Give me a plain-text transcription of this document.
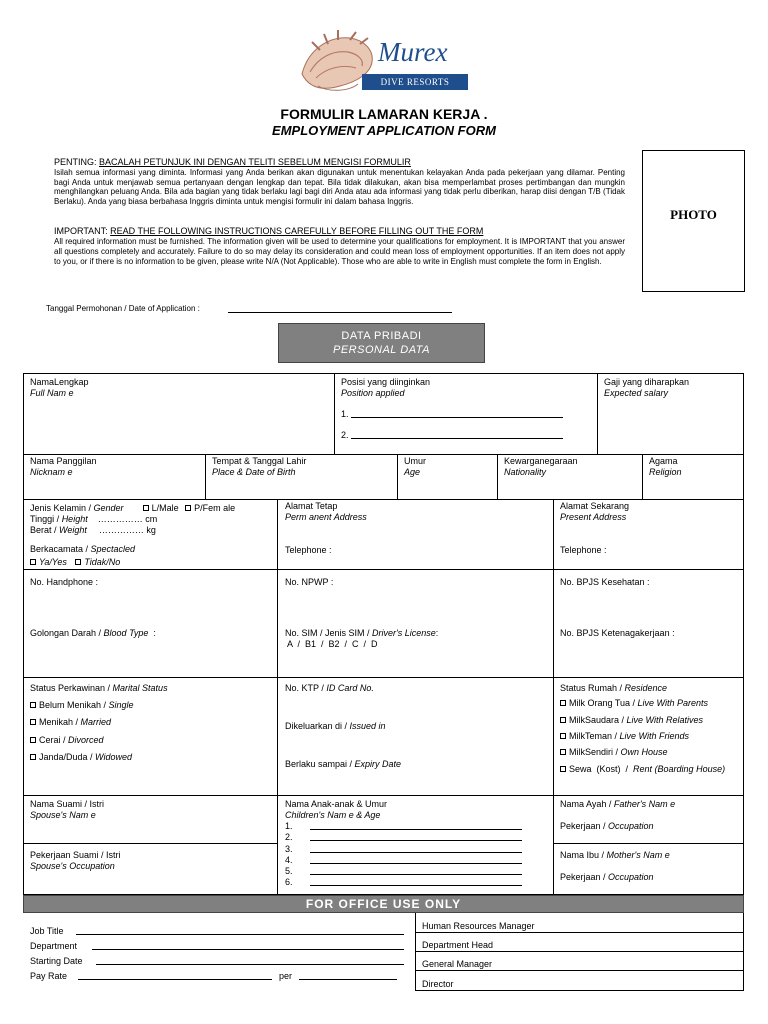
Murex
DIVE RESORTS
FORMULIR LAMARAN KERJA .
EMPLOYMENT APPLICATION FORM
PHOTO
PENTING: BACALAH PETUNJUK INI DENGAN TELITI SEBELUM MENGISI FORMULIR
Isilah semua informasi yang diminta. Informasi yang Anda berikan akan digunakan untuk menentukan kelayakan Anda pada pekerjaan yang dilamar. Penting bagi Anda untuk menjawab semua pertanyaan dengan lengkap dan tepat. Bila tidak dilakukan, akan bisa memperlambat proses pertimbangan dan mungkin menghilangkan peluang Anda. Bila ada bagian yang tidak berlaku lagi bagi diri Anda atau ada informasi yang tidak perlu diberikan, harap diisi dengan T/B (Tidak Berlaku). Anda yang biasa berbahasa Inggris diminta untuk mengisi formulir ini dalam bahasa Inggris.
IMPORTANT: READ THE FOLLOWING INSTRUCTIONS CAREFULLY BEFORE FILLING OUT THE FORM
All required information must be furnished. The information given will be used to determine your qualifications for employment. It is IMPORTANT that you answer all questions completely and accurately. Failure to do so may delay its consideration and could mean loss of employment opportunities. If an item does not apply to you, or if there is no information to be given, please write N/A (Not Applicable). Those who are able to write in English must complete the form in English.
Tanggal Permohonan / Date of Application :
DATA PRIBADI
PERSONAL DATA
NamaLengkap
Full Nam e
Posisi yang diinginkan
Position applied
1.
2.
Gaji yang diharapkan
Expected salary
Nama Panggilan
Nicknam e
Tempat & Tanggal Lahir
Place & Date of Birth
Umur
Age
Kewarganegaraan
Nationality
Agama
Religion
Jenis Kelamin / Gender	L/Male P/Fem ale
Tinggi / Height …………… cm
Berat / Weight …………… kg
Berkacamata / Spectacled
Ya/Yes Tidak/No
Alamat Tetap
Perm anent Address
Telephone :
Alamat Sekarang
Present Address
Telephone :
No. Handphone :
Golongan Darah / Blood Type  :
No. NPWP :
No. SIM / Jenis SIM / Driver's License:
A  /  B1  /  B2  /  C  /  D
No. BPJS Kesehatan :
No. BPJS Ketenagakerjaan :
Status Perkawinan / Marital Status
Belum Menikah / Single
Menikah / Married
Cerai / Divorced
Janda/Duda / Widowed
No. KTP / ID Card No.
Dikeluarkan di / Issued in
Berlaku sampai / Expiry Date
Status Rumah / Residence
Milk Orang Tua / Live With Parents
MilkSaudara / Live With Relatives
MilkTeman / Live With Friends
MilkSendiri / Own House
Sewa  (Kost)  /  Rent (Boarding House)
Nama Suami / Istri
Spouse's Nam e
Pekerjaan Suami / Istri
Spouse's Occupation
Nama Anak-anak & Umur
Children's Nam e & Age
1.
2.
3.
4.
5.
6.
Nama Ayah / Father's Nam e
Pekerjaan / Occupation
Nama Ibu / Mother's Nam e
Pekerjaan / Occupation
FOR OFFICE USE ONLY
Job Title
Department
Starting Date
Pay Rate	per
Human Resources Manager
Department Head
General Manager
Director
